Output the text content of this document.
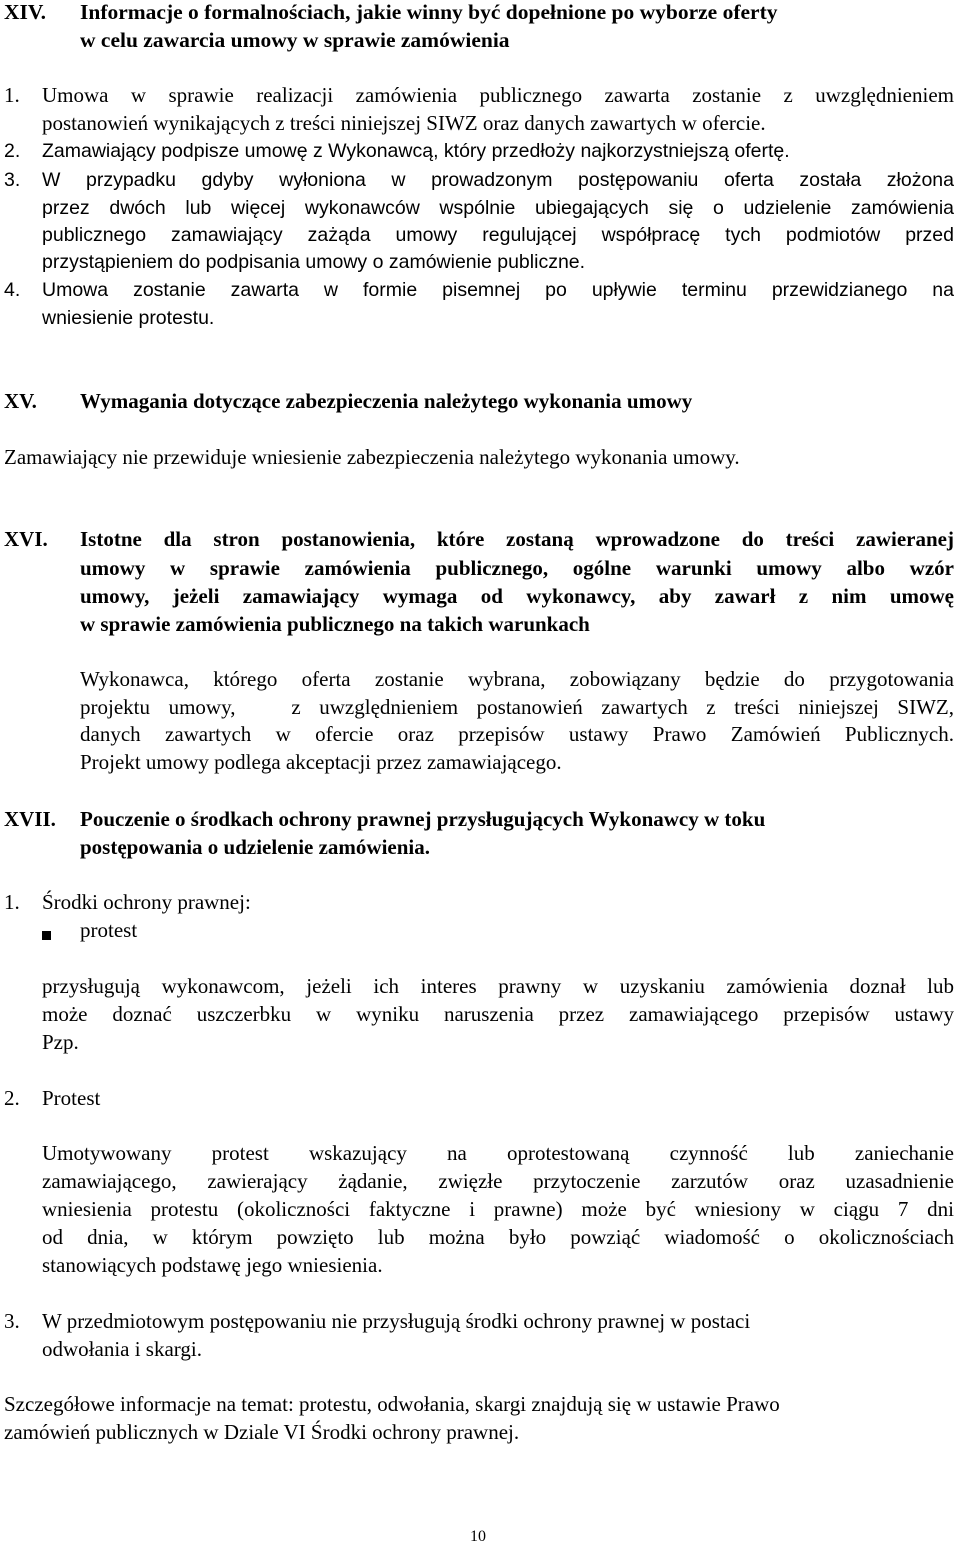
XIV. Informacje o formalnościach, jakie winny być dopełnione po wyborze oferty
w celu zawarcia umowy w sprawie zamówienia
1. Umowa w sprawie realizacji zamówienia publicznego zawarta zostanie z uwzględnieniem
postanowień wynikających z treści niniejszej SIWZ oraz danych zawartych w ofercie.
2. Zamawiający podpisze umowę z Wykonawcą, który przedłoży najkorzystniejszą ofertę.
3. W przypadku gdyby wyłoniona w prowadzonym postępowaniu oferta została złożona
przez dwóch lub więcej wykonawców wspólnie ubiegających się o udzielenie zamówienia
publicznego zamawiający zażąda umowy regulującej współpracę tych podmiotów przed
przystąpieniem do podpisania umowy o zamówienie publiczne.
4. Umowa zostanie zawarta w formie pisemnej po upływie terminu przewidzianego na
wniesienie protestu.
XV. Wymagania dotyczące zabezpieczenia należytego wykonania umowy
Zamawiający nie przewiduje wniesienie zabezpieczenia należytego wykonania umowy.
XVI. Istotne dla stron postanowienia, które zostaną wprowadzone do treści zawieranej
umowy w sprawie zamówienia publicznego, ogólne warunki umowy albo wzór
umowy, jeżeli zamawiający wymaga od wykonawcy, aby zawarł z nim umowę
w sprawie zamówienia publicznego na takich warunkach
Wykonawca, którego oferta zostanie wybrana, zobowiązany będzie do przygotowania
projektu umowy,   z uwzględnieniem postanowień zawartych z treści niniejszej SIWZ,
danych zawartych w ofercie oraz przepisów ustawy Prawo Zamówień Publicznych.
Projekt umowy podlega akceptacji przez zamawiającego.
XVII. Pouczenie o środkach ochrony prawnej przysługujących Wykonawcy w toku
postępowania o udzielenie zamówienia.
1. Środki ochrony prawnej:
protest
przysługują wykonawcom, jeżeli ich interes prawny w uzyskaniu zamówienia doznał lub
może doznać uszczerbku w wyniku naruszenia przez zamawiającego przepisów ustawy
Pzp.
2. Protest
Umotywowany protest wskazujący na oprotestowaną czynność lub zaniechanie
zamawiającego, zawierający żądanie, zwięzłe przytoczenie zarzutów oraz uzasadnienie
wniesienia protestu (okoliczności faktyczne i prawne) może być wniesiony w ciągu 7 dni
od dnia, w którym powzięto lub można było powziąć wiadomość o okolicznościach
stanowiących podstawę jego wniesienia.
3. W przedmiotowym postępowaniu nie przysługują środki ochrony prawnej w postaci
odwołania i skargi.
Szczegółowe informacje na temat: protestu, odwołania, skargi znajdują się w ustawie Prawo
zamówień publicznych w Dziale VI Środki ochrony prawnej.
10
